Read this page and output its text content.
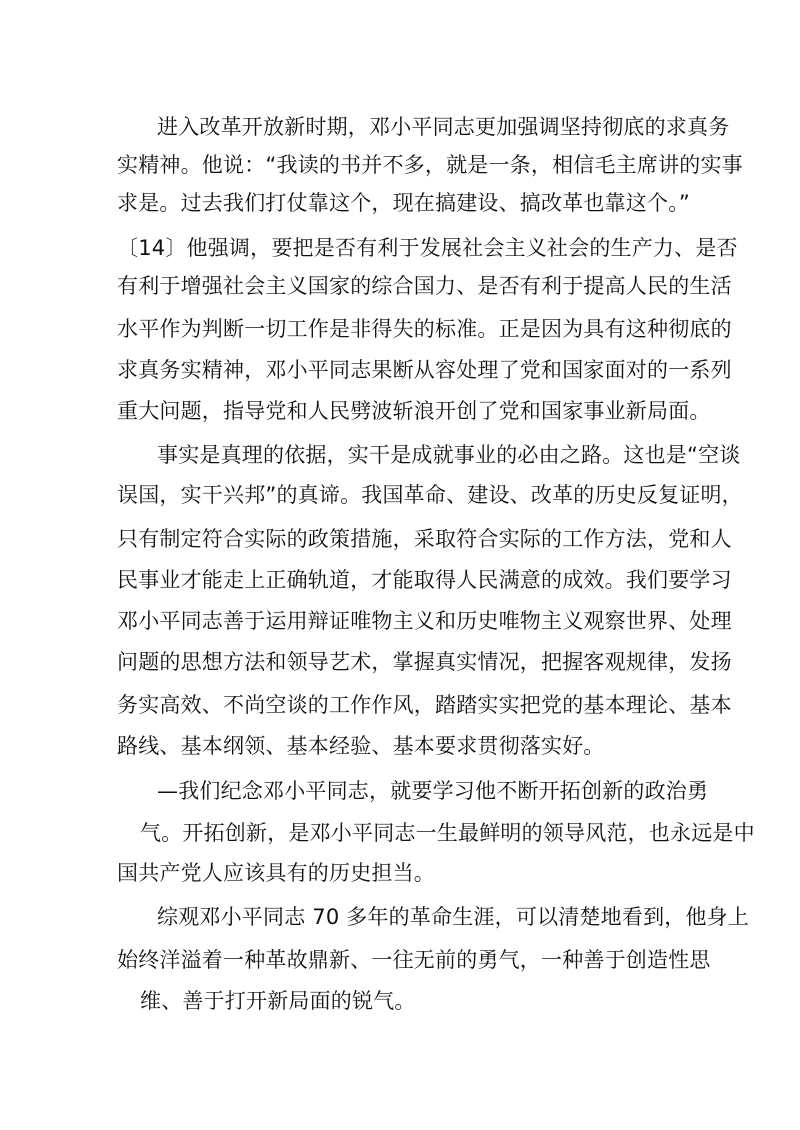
进入改革开放新时期，邓小平同志更加强调坚持彻底的求真务

实精神。他说：“我读的书并不多，就是一条，相信毛主席讲的实事

求是。过去我们打仗靠这个，现在搞建设、搞改革也靠这个。”

〔14〕他强调，要把是否有利于发展社会主义社会的生产力、是否

有利于增强社会主义国家的综合国力、是否有利于提高人民的生活

水平作为判断一切工作是非得失的标准。正是因为具有这种彻底的

求真务实精神，邓小平同志果断从容处理了党和国家面对的一系列

重大问题，指导党和人民劈波斩浪开创了党和国家事业新局面。

事实是真理的依据，实干是成就事业的必由之路。这也是“空谈

误国，实干兴邦”的真谛。我国革命、建设、改革的历史反复证明，

只有制定符合实际的政策措施，采取符合实际的工作方法，党和人

民事业才能走上正确轨道，才能取得人民满意的成效。我们要学习

邓小平同志善于运用辩证唯物主义和历史唯物主义观察世界、处理

问题的思想方法和领导艺术，掌握真实情况，把握客观规律，发扬

务实高效、不尚空谈的工作作风，踏踏实实把党的基本理论、基本

路线、基本纲领、基本经验、基本要求贯彻落实好。

—我们纪念邓小平同志，就要学习他不断开拓创新的政治勇

气。开拓创新，是邓小平同志一生最鲜明的领导风范，也永远是中

国共产党人应该具有的历史担当。

综观邓小平同志 70 多年的革命生涯，可以清楚地看到，他身上

始终洋溢着一种革故鼎新、一往无前的勇气，一种善于创造性思

维、善于打开新局面的锐气。
